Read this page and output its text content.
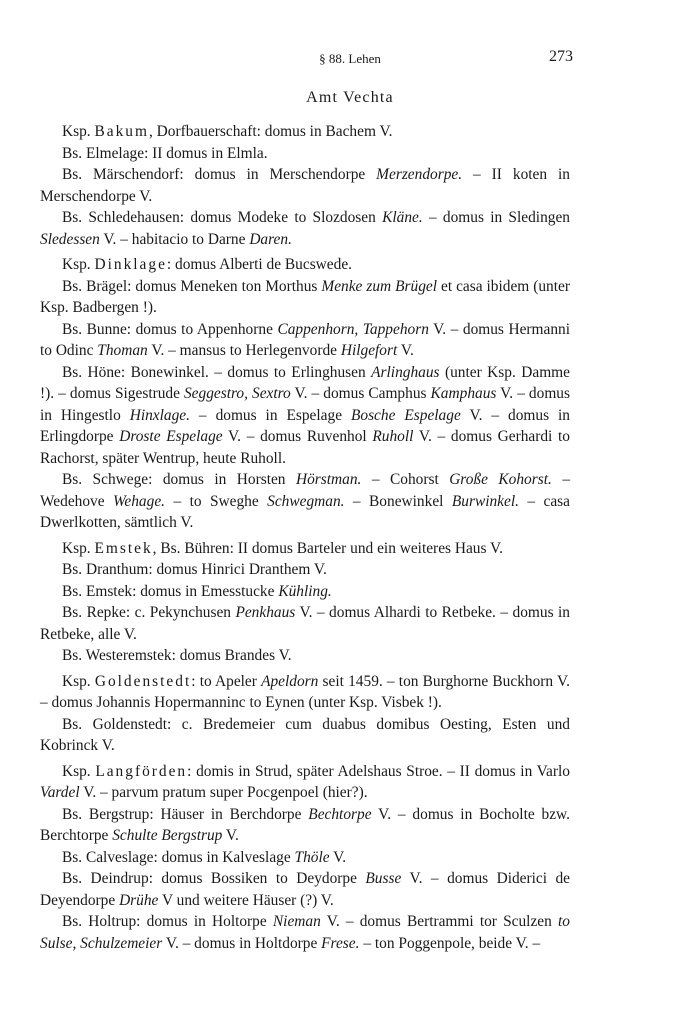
§ 88. Lehen	273
Amt Vechta

Ksp. Bakum, Dorfbauerschaft: domus in Bachem V.

Bs. Elmelage: II domus in Elmla.

Bs. Märschendorf: domus in Merschendorpe Merzendorpe. – II koten in Merschendorpe V.

Bs. Schledehausen: domus Modeke to Slozdosen Kläne. – domus in Sledingen Sledessen V. – habitacio to Darne Daren.

Ksp. Dinklage: domus Alberti de Bucswede.

Bs. Brägel: domus Meneken ton Morthus Menke zum Brügel et casa ibidem (unter Ksp. Badbergen !).

Bs. Bunne: domus to Appenhorne Cappenhorn, Tappehorn V. – domus Hermanni to Odinc Thoman V. – mansus to Herlegenvorde Hilgefort V.

Bs. Höne: Bonewinkel. – domus to Erlinghusen Arlinghaus (unter Ksp. Damme !). – domus Sigestrude Seggestro, Sextro V. – domus Camphus Kamphaus V. – domus in Hingestlo Hinxlage. – domus in Espelage Bosche Espelage V. – domus in Erlingdorpe Droste Espelage V. – domus Ruvenhol Ruholl V. – domus Gerhardi to Rachorst, später Wentrup, heute Ruholl.

Bs. Schwege: domus in Horsten Hörstman. – Cohorst Große Kohorst. – Wedehove Wehage. – to Sweghe Schwegman. – Bonewinkel Burwinkel. – casa Dwerlkotten, sämtlich V.

Ksp. Emstek, Bs. Bühren: II domus Barteler und ein weiteres Haus V.

Bs. Dranthum: domus Hinrici Dranthem V.

Bs. Emstek: domus in Emesstucke Kühling.

Bs. Repke: c. Pekynchusen Penkhaus V. – domus Alhardi to Retbeke. – domus in Retbeke, alle V.

Bs. Westeremstek: domus Brandes V.

Ksp. Goldenstedt: to Apeler Apeldorn seit 1459. – ton Burghorne Buckhorn V. – domus Johannis Hopermanninc to Eynen (unter Ksp. Visbek !).

Bs. Goldenstedt: c. Bredemeier cum duabus domibus Oesting, Esten und Kobrinck V.

Ksp. Langförden: domis in Strud, später Adelshaus Stroe. – II domus in Varlo Vardel V. – parvum pratum super Pocgenpoel (hier?).

Bs. Bergstrup: Häuser in Berchdorpe Bechtorpe V. – domus in Bocholte bzw. Berchtorpe Schulte Bergstrup V.

Bs. Calveslage: domus in Kalveslage Thöle V.

Bs. Deindrup: domus Bossiken to Deydorpe Busse V. – domus Diderici de Deyendorpe Drühe V und weitere Häuser (?) V.

Bs. Holtrup: domus in Holtorpe Nieman V. – domus Bertrammi tor Sculzen to Sulse, Schulzemeier V. – domus in Holtdorpe Frese. – ton Poggenpole, beide V. –
